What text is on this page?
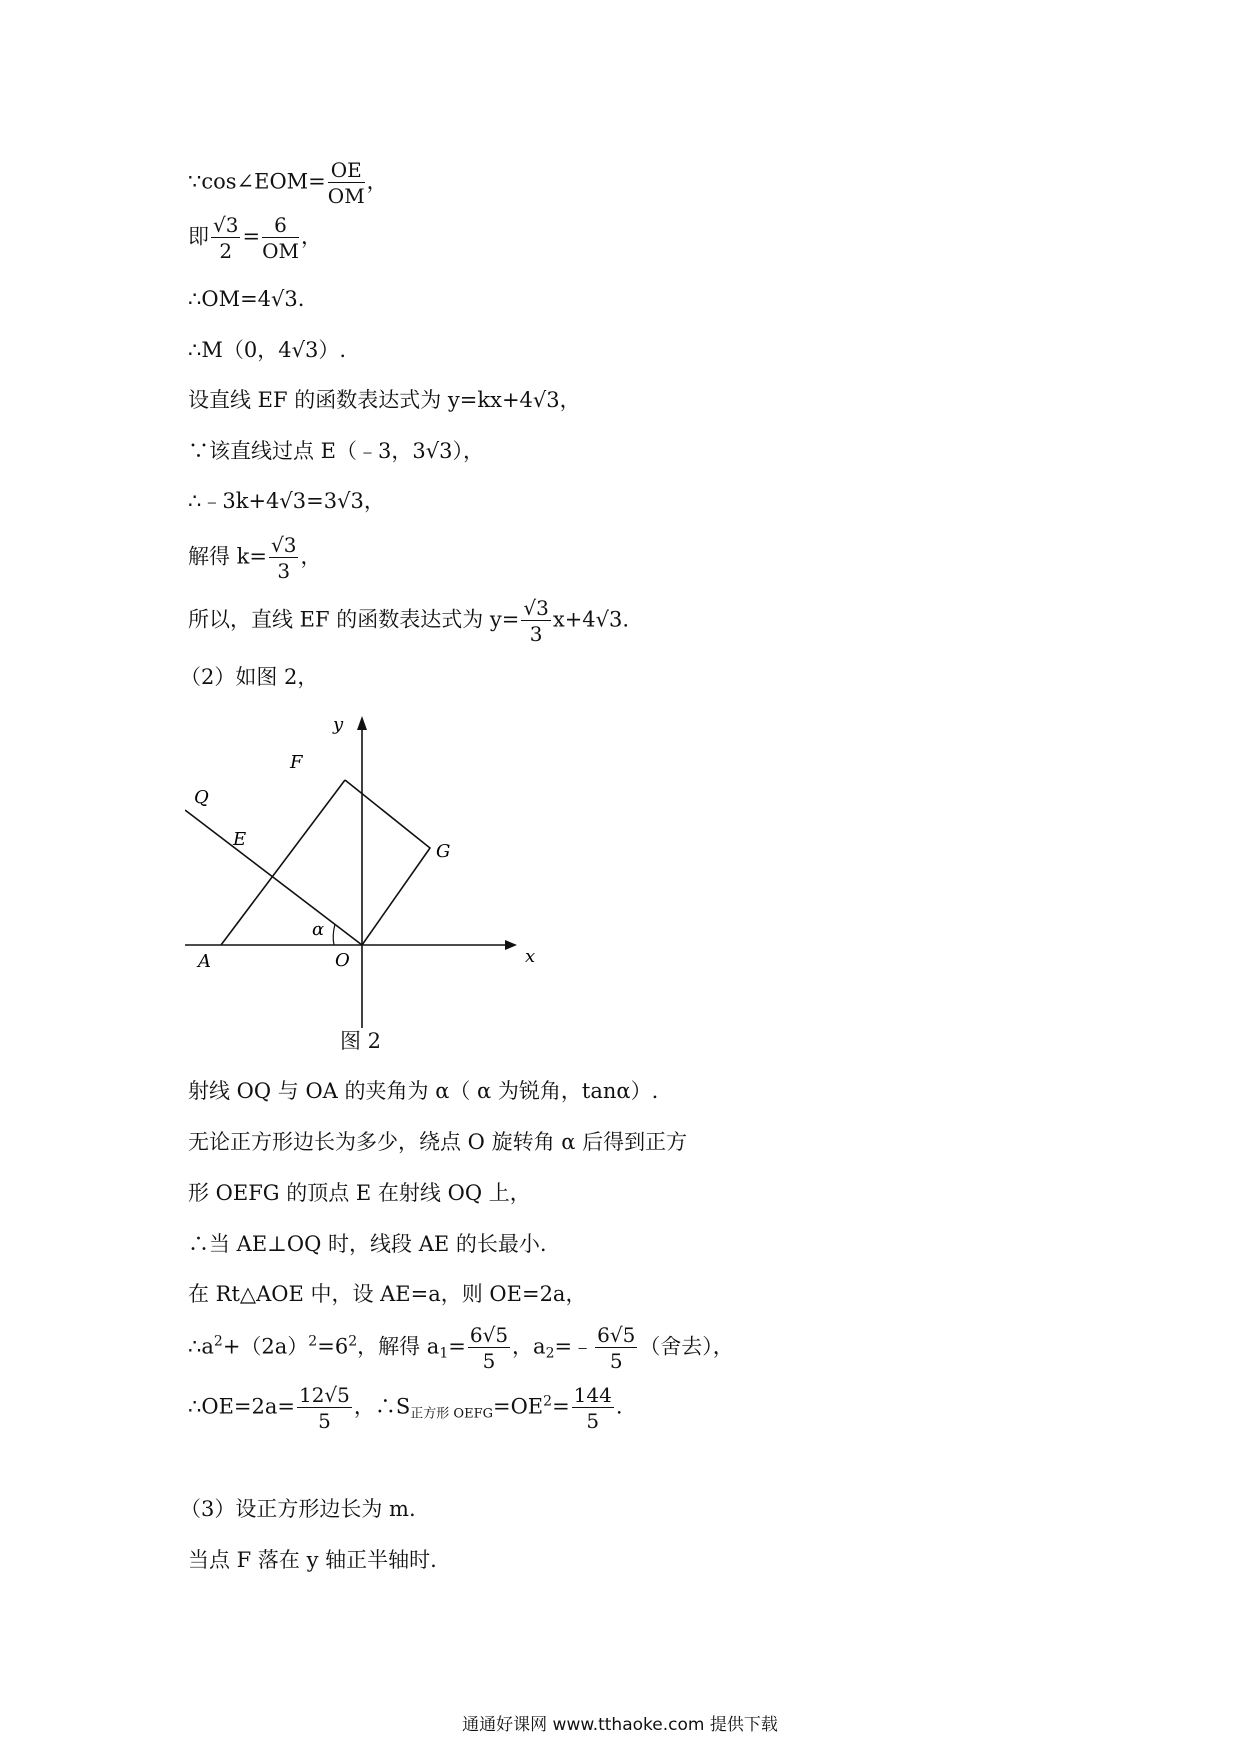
∵cos∠EOM= $\frac{OE}{OM}$ ，
即 $\frac{√3}{2} = \frac{6}{OM}$ ，
∴OM=4√3.
∴M（0，4√3）.
设直线 EF 的函数表达式为 y=kx+4√3，
∵该直线过点 E（﹣3，3√3），
∴﹣3k+4√3=3√3，
解得 $k= \frac{√3}{3}$ ，
所以，直线 EF 的函数表达式为 $y= \frac{√3}{3} x+4√3$.
（2）如图 2，
y
x
F
Q
E
G
α
A	O
图 2
射线 OQ 与 OA 的夹角为 α（ α 为锐角，tanα）.
无论正方形边长为多少，绕点 O 旋转角 α 后得到正方
形 OEFG 的顶点 E 在射线 OQ 上，
∴当 AE⊥OQ 时，线段 AE 的长最小.
在 Rt△AOE 中，设 AE=a，则 OE=2a，
$\therefore a^2+(2a)^2=6^2$，解得 $a_1= \frac{6√5}{5}$ ，$a_2=﹣ \frac{6√5}{5}$ （舍去），
∴OE=2a= $\frac{12√5}{5}$ ，∴S正方形 $OEFG=OE^2= \frac{144}{5}$ .
（3）设正方形边长为 m.
当点 F 落在 y 轴正半轴时.
通通好课网 www.tthaoke.com 提供下载
